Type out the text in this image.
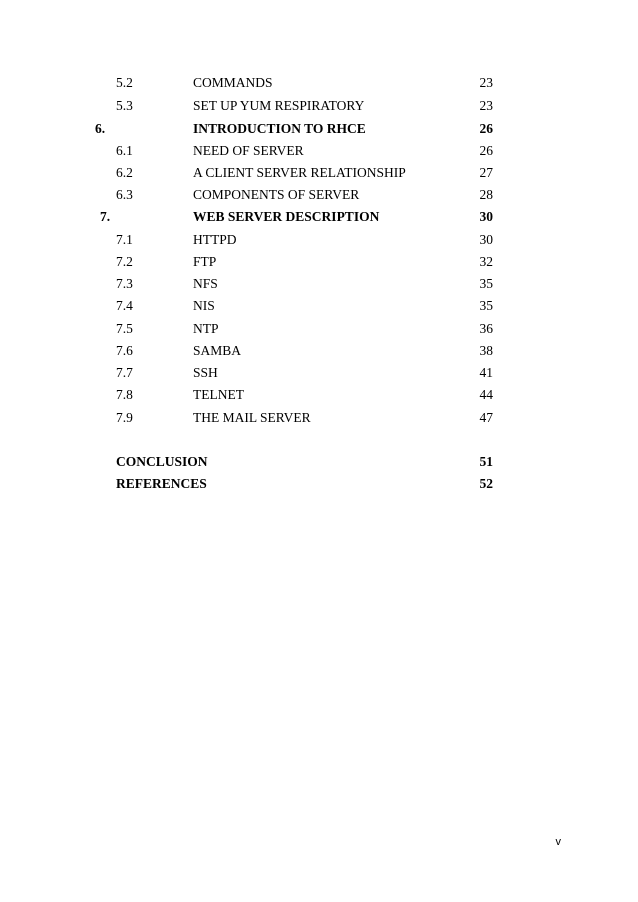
5.2	COMMANDS	23
5.3	SET UP YUM RESPIRATORY	23
6.	INTRODUCTION TO RHCE	26
6.1	NEED OF SERVER	26
6.2	A CLIENT SERVER RELATIONSHIP	27
6.3	COMPONENTS OF SERVER	28
7.	WEB SERVER DESCRIPTION	30
7.1	HTTPD	30
7.2	FTP	32
7.3	NFS	35
7.4	NIS	35
7.5	NTP	36
7.6	SAMBA	38
7.7	SSH	41
7.8	TELNET	44
7.9	THE MAIL SERVER	47
CONCLUSION	51
REFERENCES	52
v
